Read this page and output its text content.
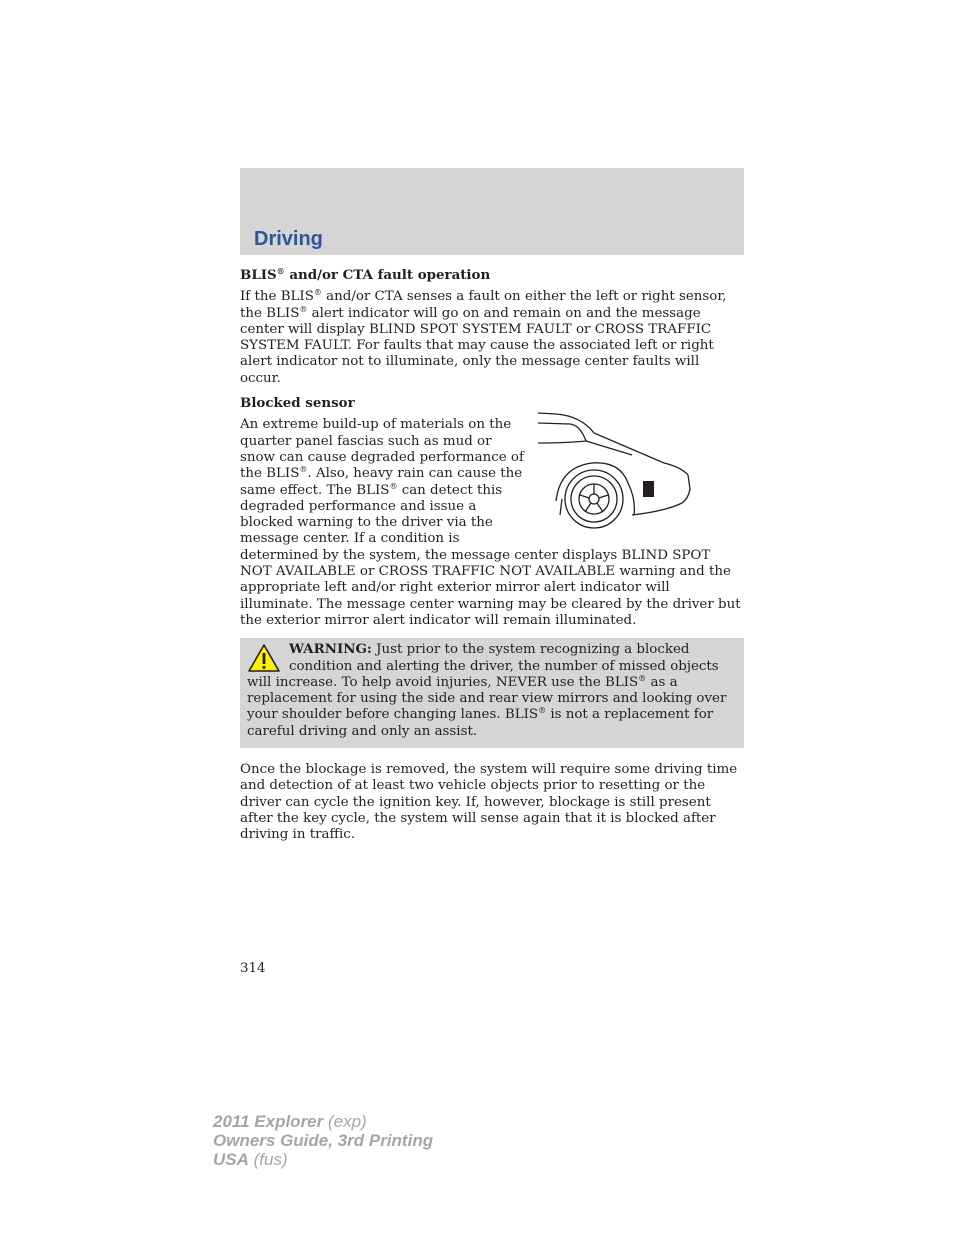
Driving

BLIS® and/or CTA fault operation

If the BLIS® and/or CTA senses a fault on either the left or right sensor, the BLIS® alert indicator will go on and remain on and the message center will display BLIND SPOT SYSTEM FAULT or CROSS TRAFFIC SYSTEM FAULT. For faults that may cause the associated left or right alert indicator not to illuminate, only the message center faults will occur.

Blocked sensor

An extreme build-up of materials on the quarter panel fascias such as mud or snow can cause degraded performance of the BLIS®. Also, heavy rain can cause the same effect. The BLIS® can detect this degraded performance and issue a blocked warning to the driver via the message center. If a condition is determined by the system, the message center displays BLIND SPOT NOT AVAILABLE or CROSS TRAFFIC NOT AVAILABLE warning and the appropriate left and/or right exterior mirror alert indicator will illuminate. The message center warning may be cleared by the driver but the exterior mirror alert indicator will remain illuminated.

WARNING: Just prior to the system recognizing a blocked condition and alerting the driver, the number of missed objects will increase. To help avoid injuries, NEVER use the BLIS® as a replacement for using the side and rear view mirrors and looking over your shoulder before changing lanes. BLIS® is not a replacement for careful driving and only an assist.

Once the blockage is removed, the system will require some driving time and detection of at least two vehicle objects prior to resetting or the driver can cycle the ignition key. If, however, blockage is still present after the key cycle, the system will sense again that it is blocked after driving in traffic.

314
2011 Explorer (exp)
Owners Guide, 3rd Printing
USA (fus)
